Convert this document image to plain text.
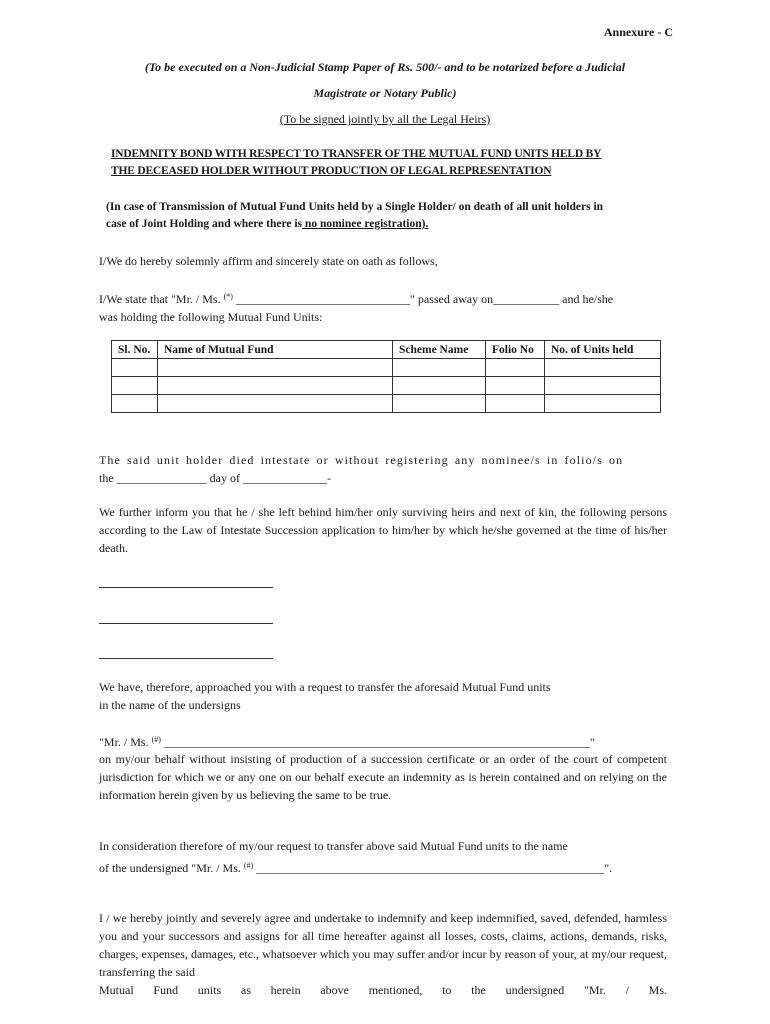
Annexure - C
(To be executed on a Non-Judicial Stamp Paper of Rs. 500/- and to be notarized before a Judicial
Magistrate or Notary Public)
(To be signed jointly by all the Legal Heirs)
INDEMNITY BOND WITH RESPECT TO TRANSFER OF THE MUTUAL FUND UNITS HELD BY
THE DECEASED HOLDER WITHOUT PRODUCTION OF LEGAL REPRESENTATION
(In case of Transmission of Mutual Fund Units held by a Single Holder/ on death of all unit holders in
case of Joint Holding and where there is no nominee registration).
I/We do hereby solemnly affirm and sincerely state on oath as follows,
I/We state that "Mr. / Ms. (*) _____________________________" passed away on___________ and he/she
was holding the following Mutual Fund Units:
Sl. No.	Name of Mutual Fund	Scheme Name	Folio No	No. of Units held

The said unit holder died intestate or without registering any nominee/s in folio/s on
the _______________ day of ______________-
We further inform you that he / she left behind him/her only surviving heirs and next of kin, the following persons according to the Law of Intestate Succession application to him/her by which he/she governed at the time of his/her death.
We have, therefore, approached you with a request to transfer the aforesaid Mutual Fund units
in the name of the undersigns
"Mr. / Ms. (#) _______________________________________________________________________"
on my/our behalf without insisting of production of a succession certificate or an order of the court of competent jurisdiction for which we or any one on our behalf execute an indemnity as is herein contained and on relying on the information herein given by us believing the same to be true.
In consideration therefore of my/our request to transfer above said Mutual Fund units to the name
of the undersigned "Mr. / Ms. (#) __________________________________________________________".
I / we hereby jointly and severely agree and undertake to indemnify and keep indemnified, saved, defended, harmless you and your successors and assigns for all time hereafter against all losses, costs, claims, actions, demands, risks, charges, expenses, damages, etc., whatsoever which you may suffer and/or incur by reason of your, at my/our request, transferring the said
Mutual Fund units as herein above mentioned, to the undersigned "Mr. / Ms.
